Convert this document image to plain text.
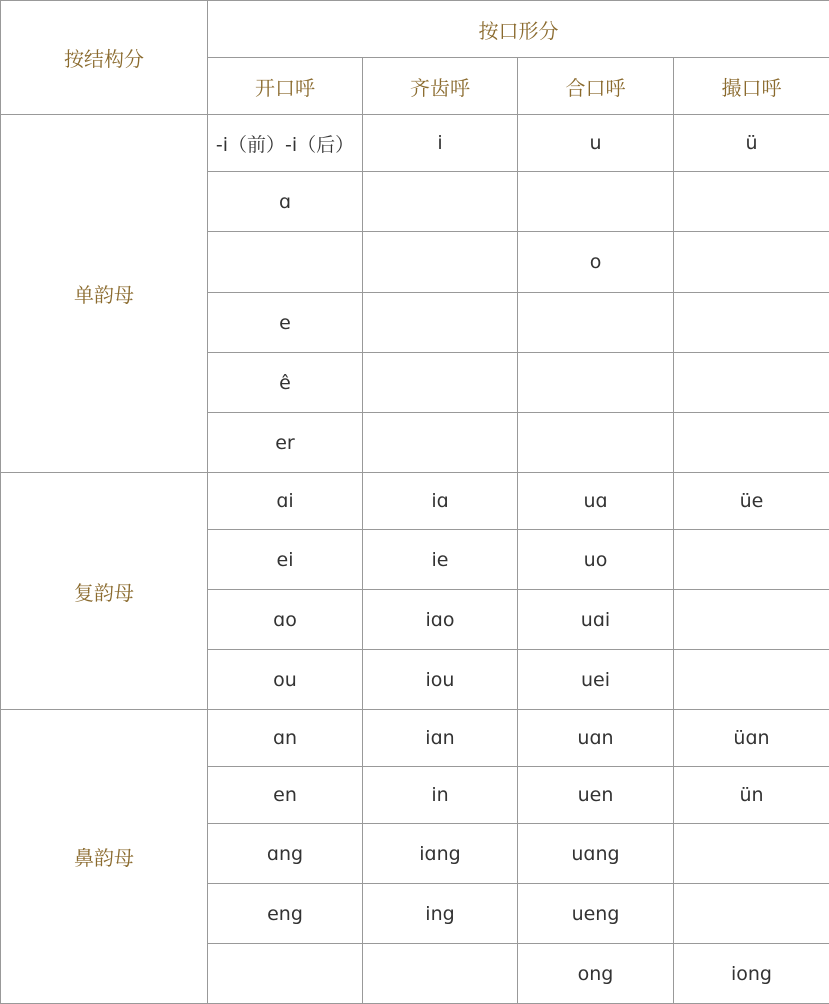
按结构分	按口形分			
	开口呼	齐齿呼	合口呼	撮口呼
单韵母	-i（前）-i（后）	i	u	ü
	ɑ			
			o	
	e			
	ê			
	er			
复韵母	ɑi	iɑ	uɑ	üe
	ei	ie	uo	
	ɑo	iɑo	uɑi	
	ou	iou	uei	
鼻韵母	ɑn	iɑn	uɑn	üɑn
	en	in	uen	ün
	ɑng	iɑng	uɑng	
	eng	ing	ueng	
			ong	iong
